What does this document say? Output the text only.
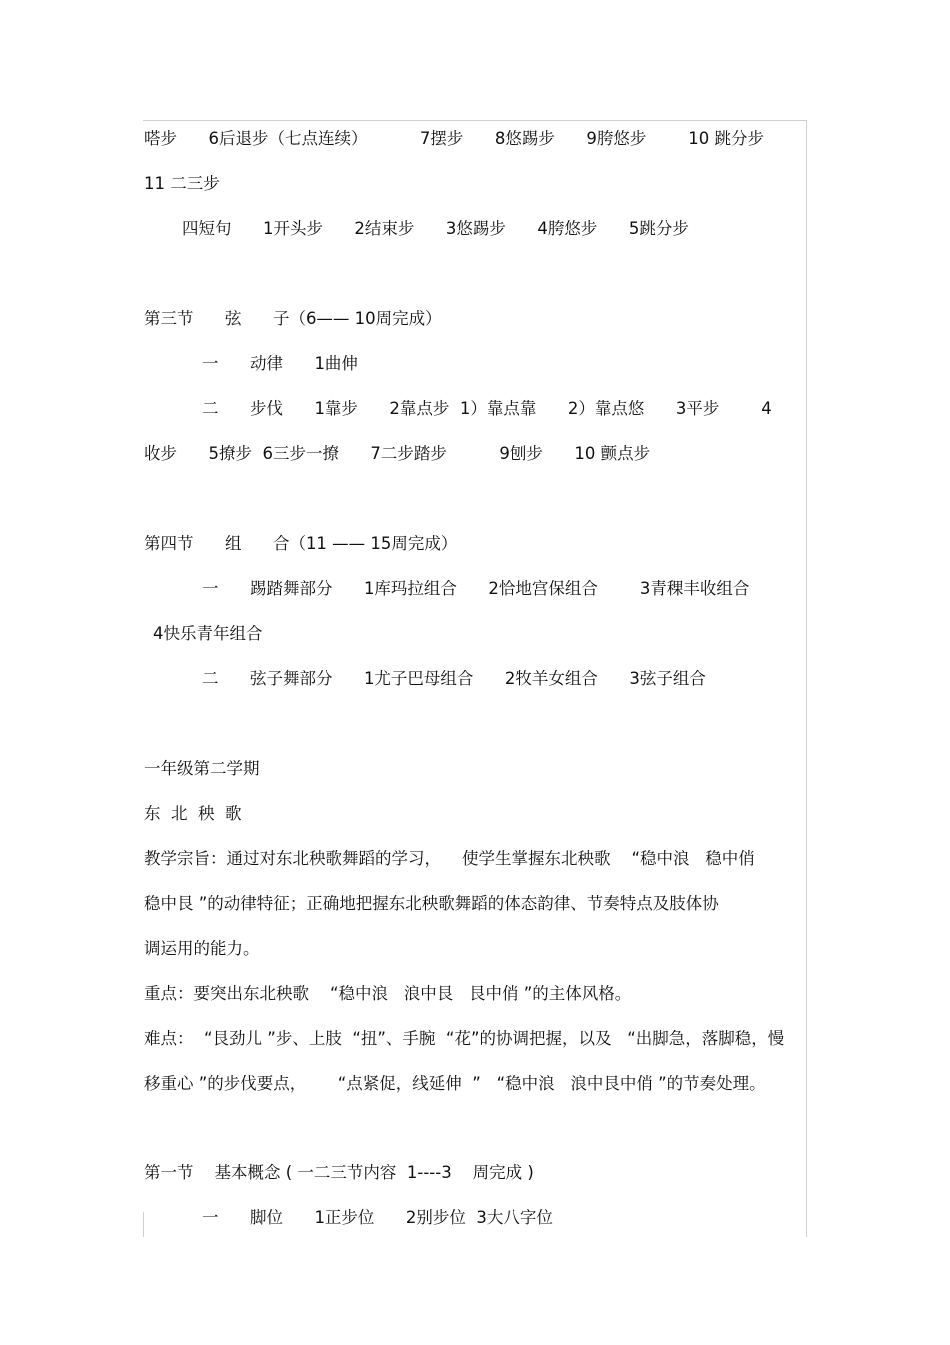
嗒步      6后退步（七点连续）          7摆步      8悠踢步      9胯悠步        10 跳分步
11 二三步
四短句      1开头步      2结束步      3悠踢步      4胯悠步      5跳分步
第三节      弦      子（6—— 10周完成）
一      动律      1曲伸
二      步伐      1靠步      2靠点步  1）靠点靠      2）靠点悠      3平步        4
收步      5撩步  6三步一撩      7二步踏步          9刨步      10 颤点步
第四节      组      合（11 —— 15周完成）
一      踢踏舞部分      1库玛拉组合      2恰地宫保组合        3青稞丰收组合
4快乐青年组合
二      弦子舞部分      1尤子巴母组合      2牧羊女组合      3弦子组合
一年级第二学期
东  北  秧  歌
教学宗旨：通过对东北秧歌舞蹈的学习，    使学生掌握东北秧歌    “稳中浪   稳中俏
稳中艮 ”的动律特征；正确地把握东北秧歌舞蹈的体态韵律、节奏特点及肢体协
调运用的能力。
重点：要突出东北秧歌    “稳中浪   浪中艮   艮中俏 ”的主体风格。
难点：  “艮劲儿 ”步、上肢  “扭”、手腕  “花”的协调把握，以及   “出脚急，落脚稳，慢
移重心 ”的步伐要点，      “点紧促，线延伸  ”   “稳中浪   浪中艮中俏 ”的节奏处理。
第一节    基本概念 ( 一二三节内容  1----3    周完成 )
一      脚位      1正步位      2别步位  3大八字位
